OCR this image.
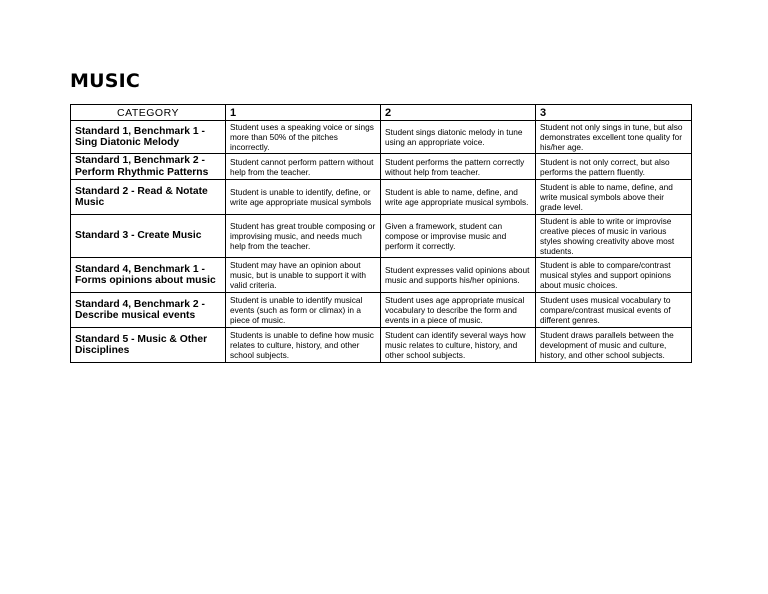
MUSIC
CATEGORY	1	2	3
Standard 1, Benchmark 1 - Sing Diatonic Melody	Student uses a speaking voice or sings more than 50% of the pitches incorrectly.	Student sings diatonic melody in tune using an appropriate voice.	Student not only sings in tune, but also demonstrates excellent tone quality for his/her age.
Standard 1, Benchmark 2 - Perform Rhythmic Patterns	Student cannot perform pattern without help from the teacher.	Student performs the pattern correctly without help from teacher.	Student is not only correct, but also performs the pattern fluently.
Standard 2 - Read & Notate Music	Student is unable to identify, define, or write age appropriate musical symbols	Student is able to name, define, and write age appropriate musical symbols.	Student is able to name, define, and write musical symbols above their grade level.
Standard 3 - Create Music	Student has great trouble composing or improvising music, and needs much help from the teacher.	Given a framework, student can compose or improvise music and perform it correctly.	Student is able to write or improvise creative pieces of music in various styles showing creativity above most students.
Standard 4, Benchmark 1 - Forms opinions about music	Student may have an opinion about music, but is unable to support it with valid criteria.	Student expresses valid opinions about music and supports his/her opinions.	Student is able to compare/contrast musical styles and support opinions about music choices.
Standard 4, Benchmark 2 - Describe musical events	Student is unable to identify musical events (such as form or climax) in a piece of music.	Student uses age appropriate musical vocabulary to describe the form and events in a piece of music.	Student uses musical vocabulary to compare/contrast musical events of different genres.
Standard 5 - Music & Other Disciplines	Students is unable to define how music relates to culture, history, and other school subjects.	Student can identify several ways how music relates to culture, history, and other school subjects.	Student draws parallels between the development of music and culture, history, and other school subjects.
